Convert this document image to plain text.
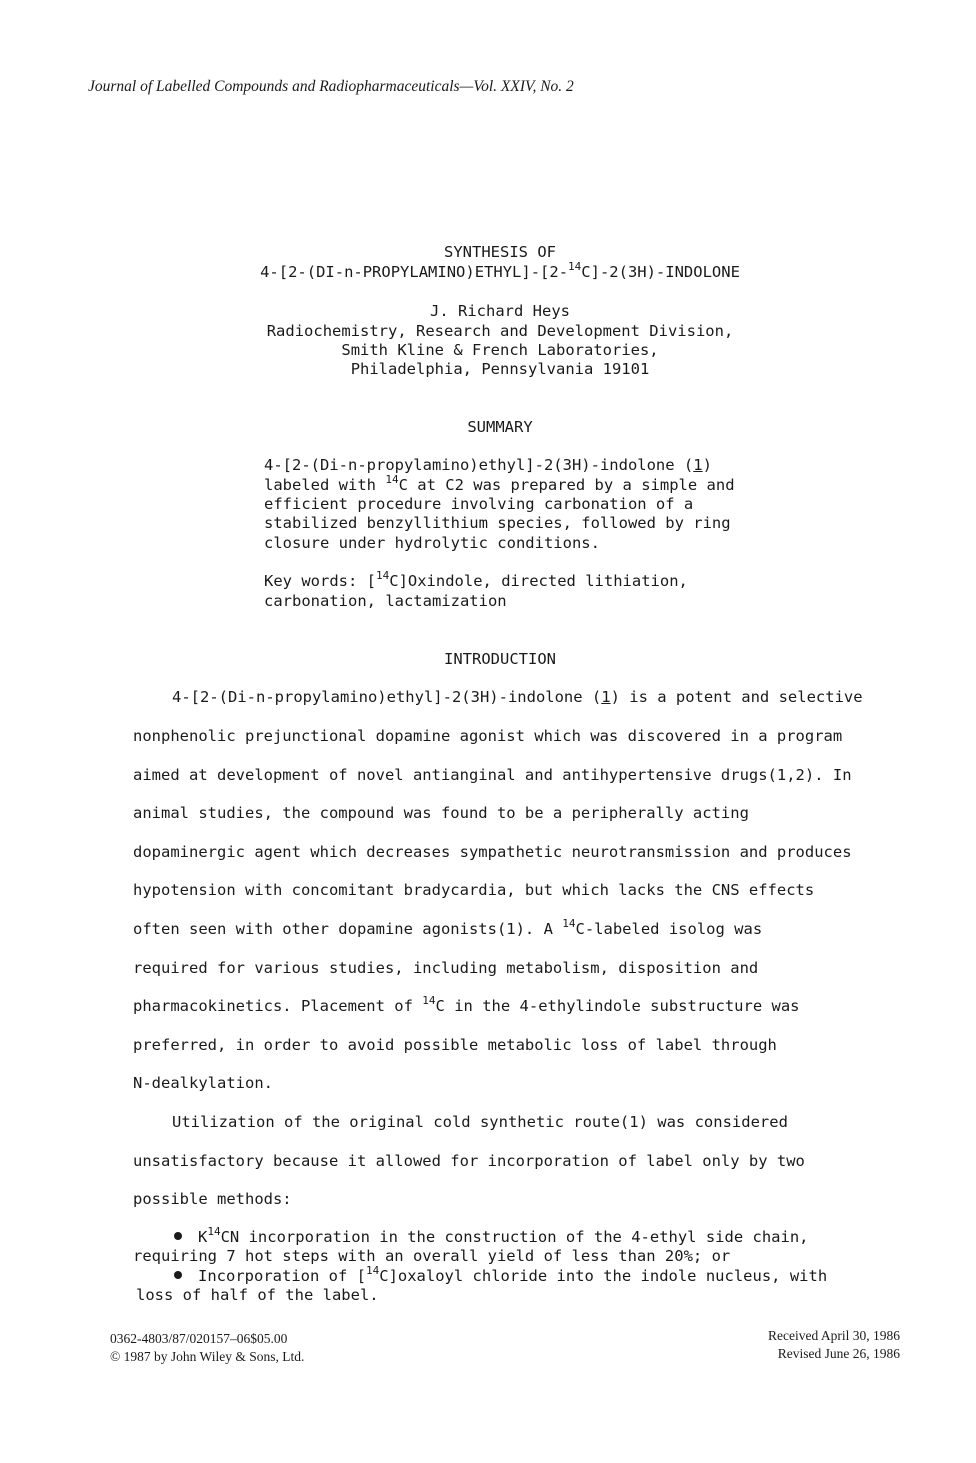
Journal of Labelled Compounds and Radiopharmaceuticals—Vol. XXIV, No. 2
SYNTHESIS OF
4-[2-(DI-n-PROPYLAMINO)ETHYL]-[2-$^{14}$C]-2(3H)-INDOLONE
J. Richard Heys
Radiochemistry, Research and Development Division,
Smith Kline & French Laboratories,
Philadelphia, Pennsylvania 19101
SUMMARY
4-[2-(Di-n-propylamino)ethyl]-2(3H)-indolone (1)
labeled with $^{14}$C at C2 was prepared by a simple and
efficient procedure involving carbonation of a
stabilized benzyllithium species, followed by ring
closure under hydrolytic conditions.
Key words: [$^{14}$C]Oxindole, directed lithiation,
carbonation, lactamization
INTRODUCTION
4-[2-(Di-n-propylamino)ethyl]-2(3H)-indolone (1) is a potent and selective
nonphenolic prejunctional dopamine agonist which was discovered in a program
aimed at development of novel antianginal and antihypertensive drugs(1,2). In
animal studies, the compound was found to be a peripherally acting
dopaminergic agent which decreases sympathetic neurotransmission and produces
hypotension with concomitant bradycardia, but which lacks the CNS effects
often seen with other dopamine agonists(1). A $^{14}$C-labeled isolog was
required for various studies, including metabolism, disposition and
pharmacokinetics. Placement of $^{14}$C in the 4-ethylindole substructure was
preferred, in order to avoid possible metabolic loss of label through
N-dealkylation.
Utilization of the original cold synthetic route(1) was considered
unsatisfactory because it allowed for incorporation of label only by two
possible methods:
$K^{14}CN$ incorporation in the construction of the 4-ethyl side chain,
requiring 7 hot steps with an overall yield of less than 20%; or
Incorporation of [$^{14}$C]oxaloyl chloride into the indole nucleus, with
loss of half of the label.
0362-4803/87/020157–06$05.00
© 1987 by John Wiley & Sons, Ltd.
Received April 30, 1986
Revised June 26, 1986
